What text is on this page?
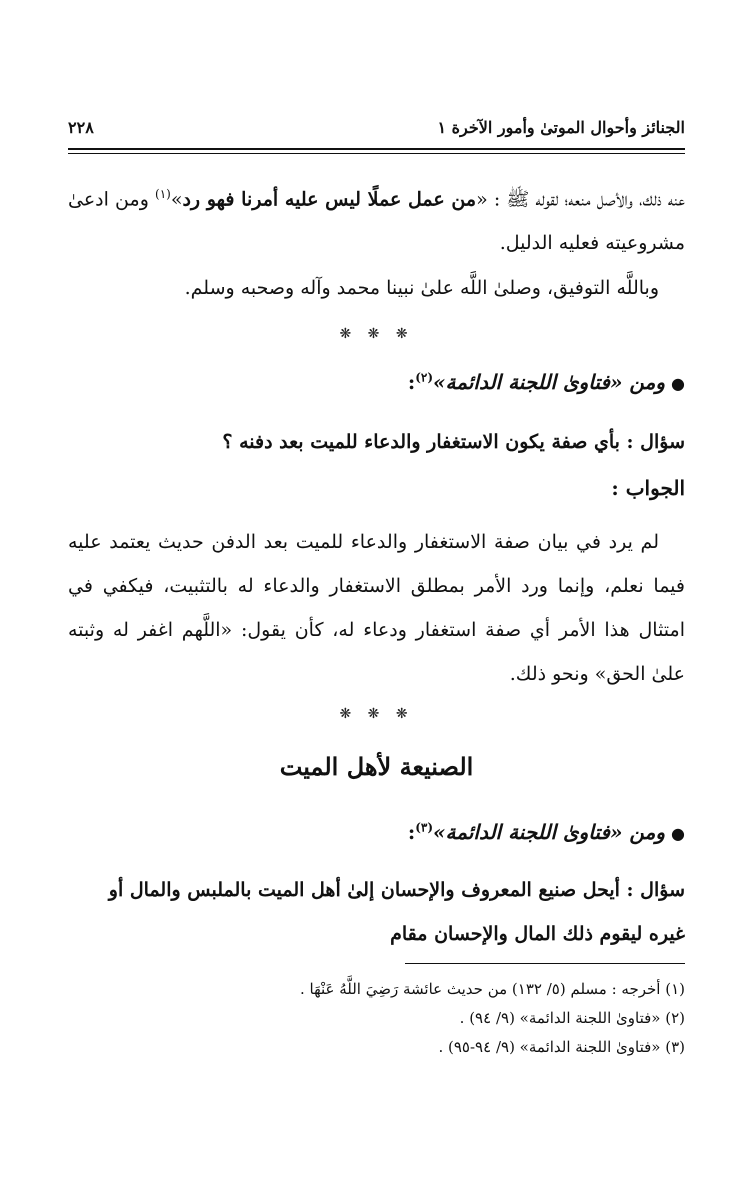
الجنائز وأحوال الموتىٰ وأمور الآخرة ١
٢٢٨
عنه ذلك، والأصل منعه؛ لقوله ﷺ : «من عمل عملًا ليس عليه أمرنا فهو رد»$^{(١)}$ ومن ادعىٰ مشروعيته فعليه الدليل.
وباللَّه التوفيق، وصلىٰ اللَّه علىٰ نبينا محمد وآله وصحبه وسلم.
❋ ❋ ❋
●ومن «فتاوىٰ اللجنة الدائمة»$^{(٢)}$:
سؤال : بأي صفة يكون الاستغفار والدعاء للميت بعد دفنه ؟
الجواب :
لم يرد في بيان صفة الاستغفار والدعاء للميت بعد الدفن حديث يعتمد عليه فيما نعلم، وإنما ورد الأمر بمطلق الاستغفار والدعاء له بالتثبيت، فيكفي في امتثال هذا الأمر أي صفة استغفار ودعاء له، كأن يقول: «اللَّهم اغفر له وثبته علىٰ الحق» ونحو ذلك.
❋ ❋ ❋
الصنيعة لأهل الميت
●ومن «فتاوىٰ اللجنة الدائمة»$^{(٣)}$:
سؤال : أيحل صنيع المعروف والإحسان إلىٰ أهل الميت بالملبس والمال أو غيره ليقوم ذلك المال والإحسان مقام
(١) أخرجه : مسلم (٥/ ١٣٢) من حديث عائشة رَضِيَ اللَّهُ عَنْهَا .
(٢) «فتاوىٰ اللجنة الدائمة» (٩/ ٩٤) .
(٣) «فتاوىٰ اللجنة الدائمة» (٩/ ٩٤-٩٥) .
